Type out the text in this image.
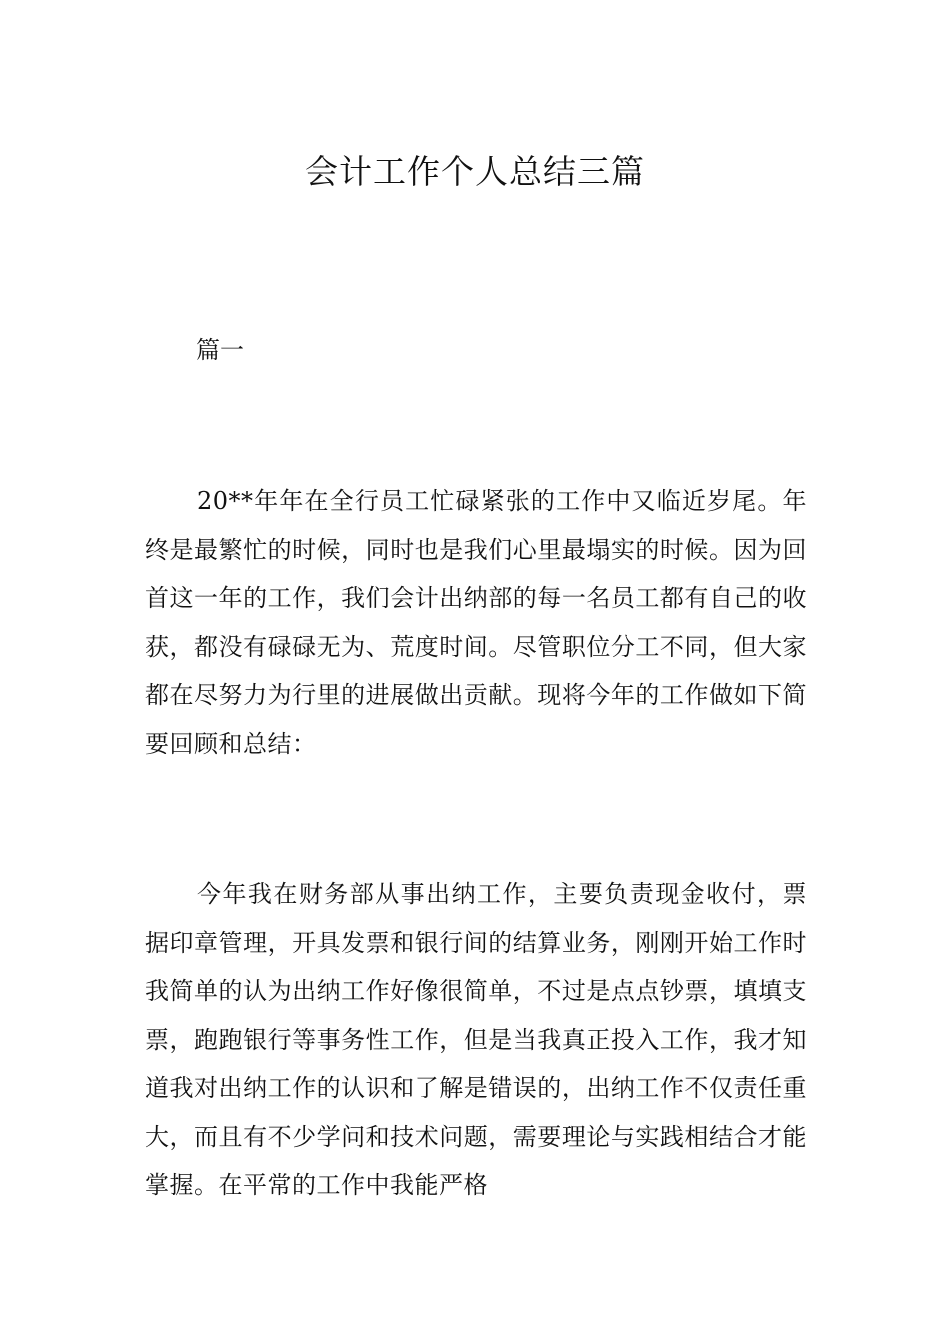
会计工作个人总结三篇

篇一

20**年年在全行员工忙碌紧张的工作中又临近岁尾。年终是最繁忙的时候，同时也是我们心里最塌实的时候。因为回首这一年的工作，我们会计出纳部的每一名员工都有自己的收获，都没有碌碌无为、荒度时间。尽管职位分工不同，但大家都在尽努力为行里的进展做出贡献。现将今年的工作做如下简要回顾和总结：

今年我在财务部从事出纳工作，主要负责现金收付，票据印章管理，开具发票和银行间的结算业务，刚刚开始工作时我简单的认为出纳工作好像很简单，不过是点点钞票，填填支票，跑跑银行等事务性工作，但是当我真正投入工作，我才知道我对出纳工作的认识和了解是错误的，出纳工作不仅责任重大，而且有不少学问和技术问题，需要理论与实践相结合才能掌握。在平常的工作中我能严格
